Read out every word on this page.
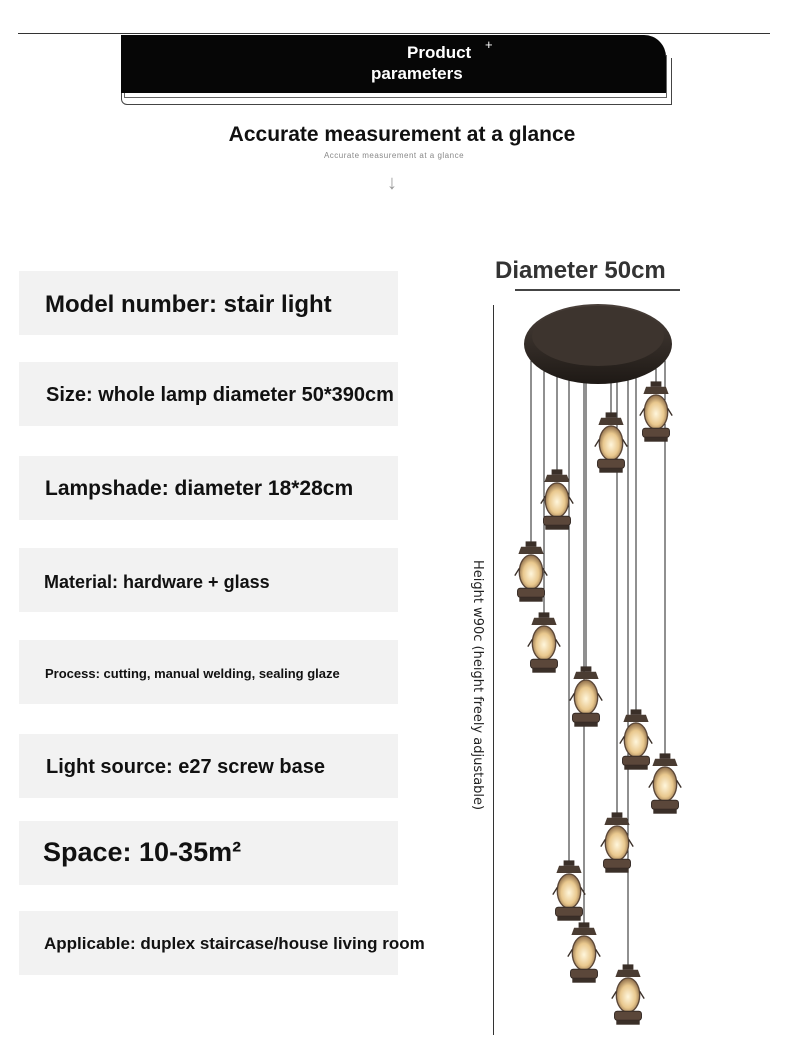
Product +
parameters
Accurate measurement at a glance
Accurate measurement at a glance
↓
Model number: stair light
Size: whole lamp diameter 50*390cm
Lampshade: diameter 18*28cm
Material: hardware + glass
Process: cutting, manual welding, sealing glaze
Light source: e27 screw base
Space: 10-35m²
Applicable: duplex staircase/house living room
Diameter 50cm
Height w90c (height freely adjustable)
